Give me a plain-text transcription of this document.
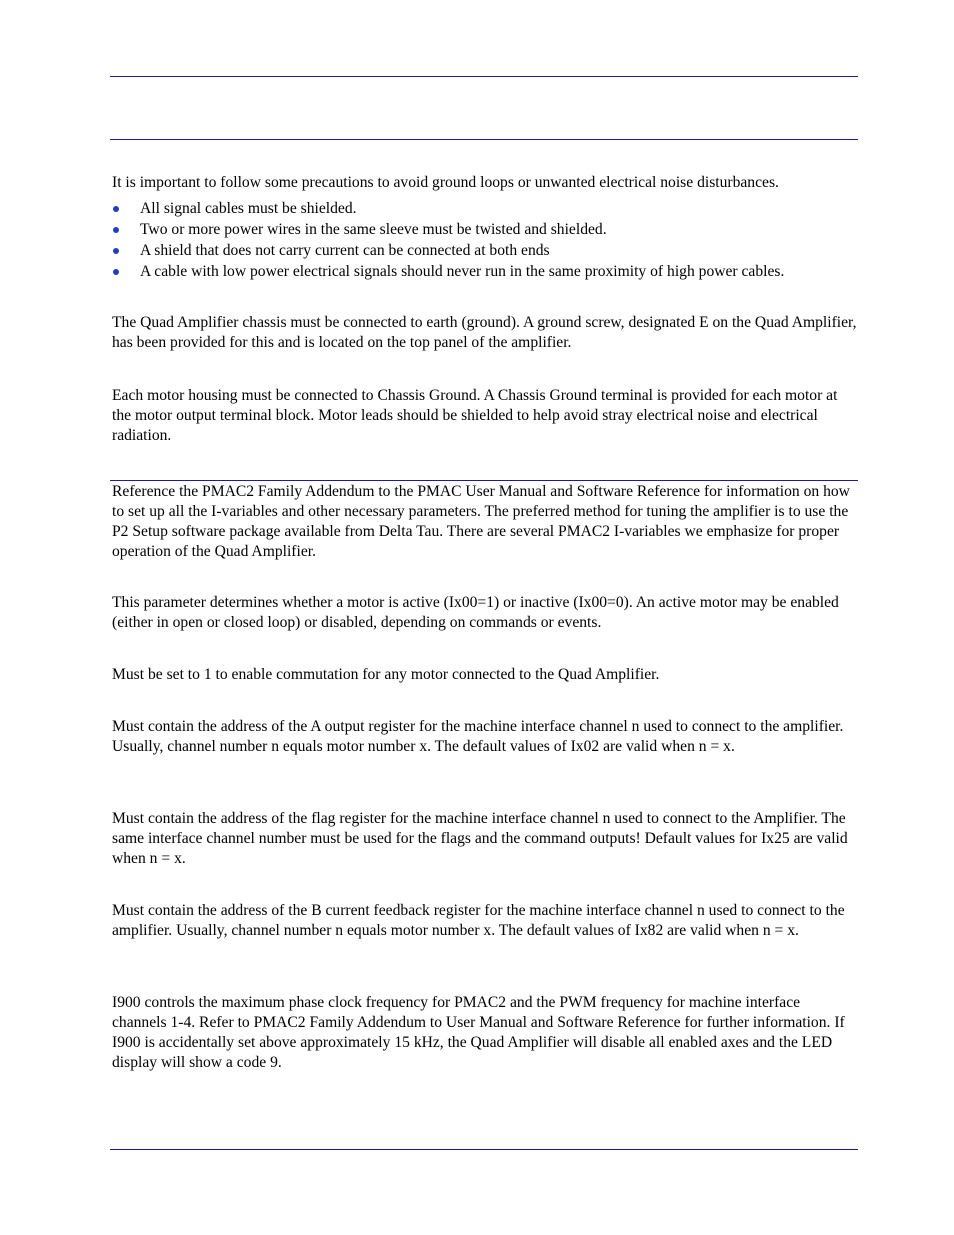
It is important to follow some precautions to avoid ground loops or unwanted electrical noise disturbances.

All signal cables must be shielded.
Two or more power wires in the same sleeve must be twisted and shielded.
A shield that does not carry current can be connected at both ends
A cable with low power electrical signals should never run in the same proximity of high power cables.

The Quad Amplifier chassis must be connected to earth (ground). A ground screw, designated E on the Quad Amplifier, has been provided for this and is located on the top panel of the amplifier.

Each motor housing must be connected to Chassis Ground. A Chassis Ground terminal is provided for each motor at the motor output terminal block. Motor leads should be shielded to help avoid stray electrical noise and electrical radiation.

Reference the PMAC2 Family Addendum to the PMAC User Manual and Software Reference for information on how to set up all the I-variables and other necessary parameters. The preferred method for tuning the amplifier is to use the P2 Setup software package available from Delta Tau. There are several PMAC2 I-variables we emphasize for proper operation of the Quad Amplifier.

This parameter determines whether a motor is active (Ix00=1) or inactive (Ix00=0). An active motor may be enabled (either in open or closed loop) or disabled, depending on commands or events.

Must be set to 1 to enable commutation for any motor connected to the Quad Amplifier.

Must contain the address of the A output register for the machine interface channel n used to connect to the amplifier. Usually, channel number n equals motor number x. The default values of Ix02 are valid when n = x.

Must contain the address of the flag register for the machine interface channel n used to connect to the Amplifier. The same interface channel number must be used for the flags and the command outputs! Default values for Ix25 are valid when n = x.

Must contain the address of the B current feedback register for the machine interface channel n used to connect to the amplifier. Usually, channel number n equals motor number x. The default values of Ix82 are valid when n = x.

I900 controls the maximum phase clock frequency for PMAC2 and the PWM frequency for machine interface channels 1-4. Refer to PMAC2 Family Addendum to User Manual and Software Reference for further information. If I900 is accidentally set above approximately 15 kHz, the Quad Amplifier will disable all enabled axes and the LED display will show a code 9.
